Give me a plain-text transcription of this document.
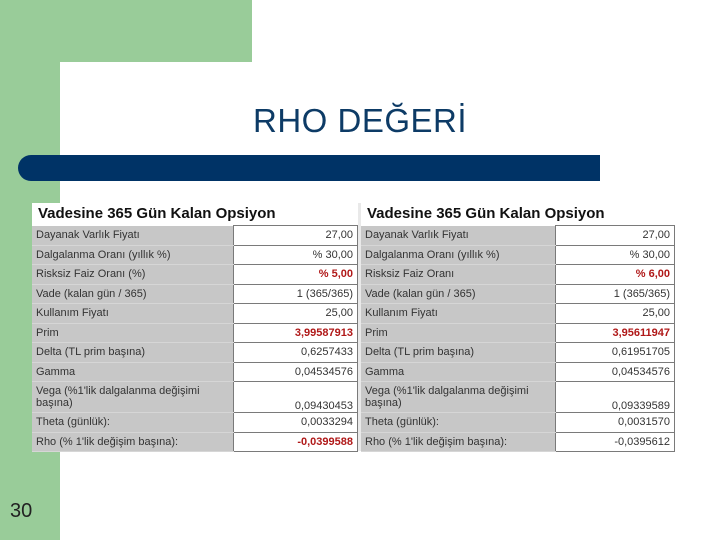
RHO DEĞERİ
Vadesine 365 Gün Kalan Opsiyon
Dayanak Varlık Fiyatı	27,00
Dalgalanma Oranı (yıllık %)	% 30,00
Risksiz Faiz Oranı (%)	% 5,00
Vade (kalan gün / 365)	1 (365/365)
Kullanım Fiyatı	25,00
Prim	3,99587913
Delta (TL prim başına)	0,6257433
Gamma	0,04534576
Vega (%1'lik dalgalanma değişimi başına)	0,09430453
Theta (günlük):	0,0033294
Rho (% 1'lik değişim başına):	-0,0399588
Vadesine 365 Gün Kalan Opsiyon
Dayanak Varlık Fiyatı	27,00
Dalgalanma Oranı (yıllık %)	% 30,00
Risksiz Faiz Oranı	% 6,00
Vade (kalan gün / 365)	1 (365/365)
Kullanım Fiyatı	25,00
Prim	3,95611947
Delta (TL prim başına)	0,61951705
Gamma	0,04534576
Vega (%1'lik dalgalanma değişimi başına)	0,09339589
Theta (günlük):	0,0031570
Rho (% 1'lik değişim başına):	-0,0395612
30
